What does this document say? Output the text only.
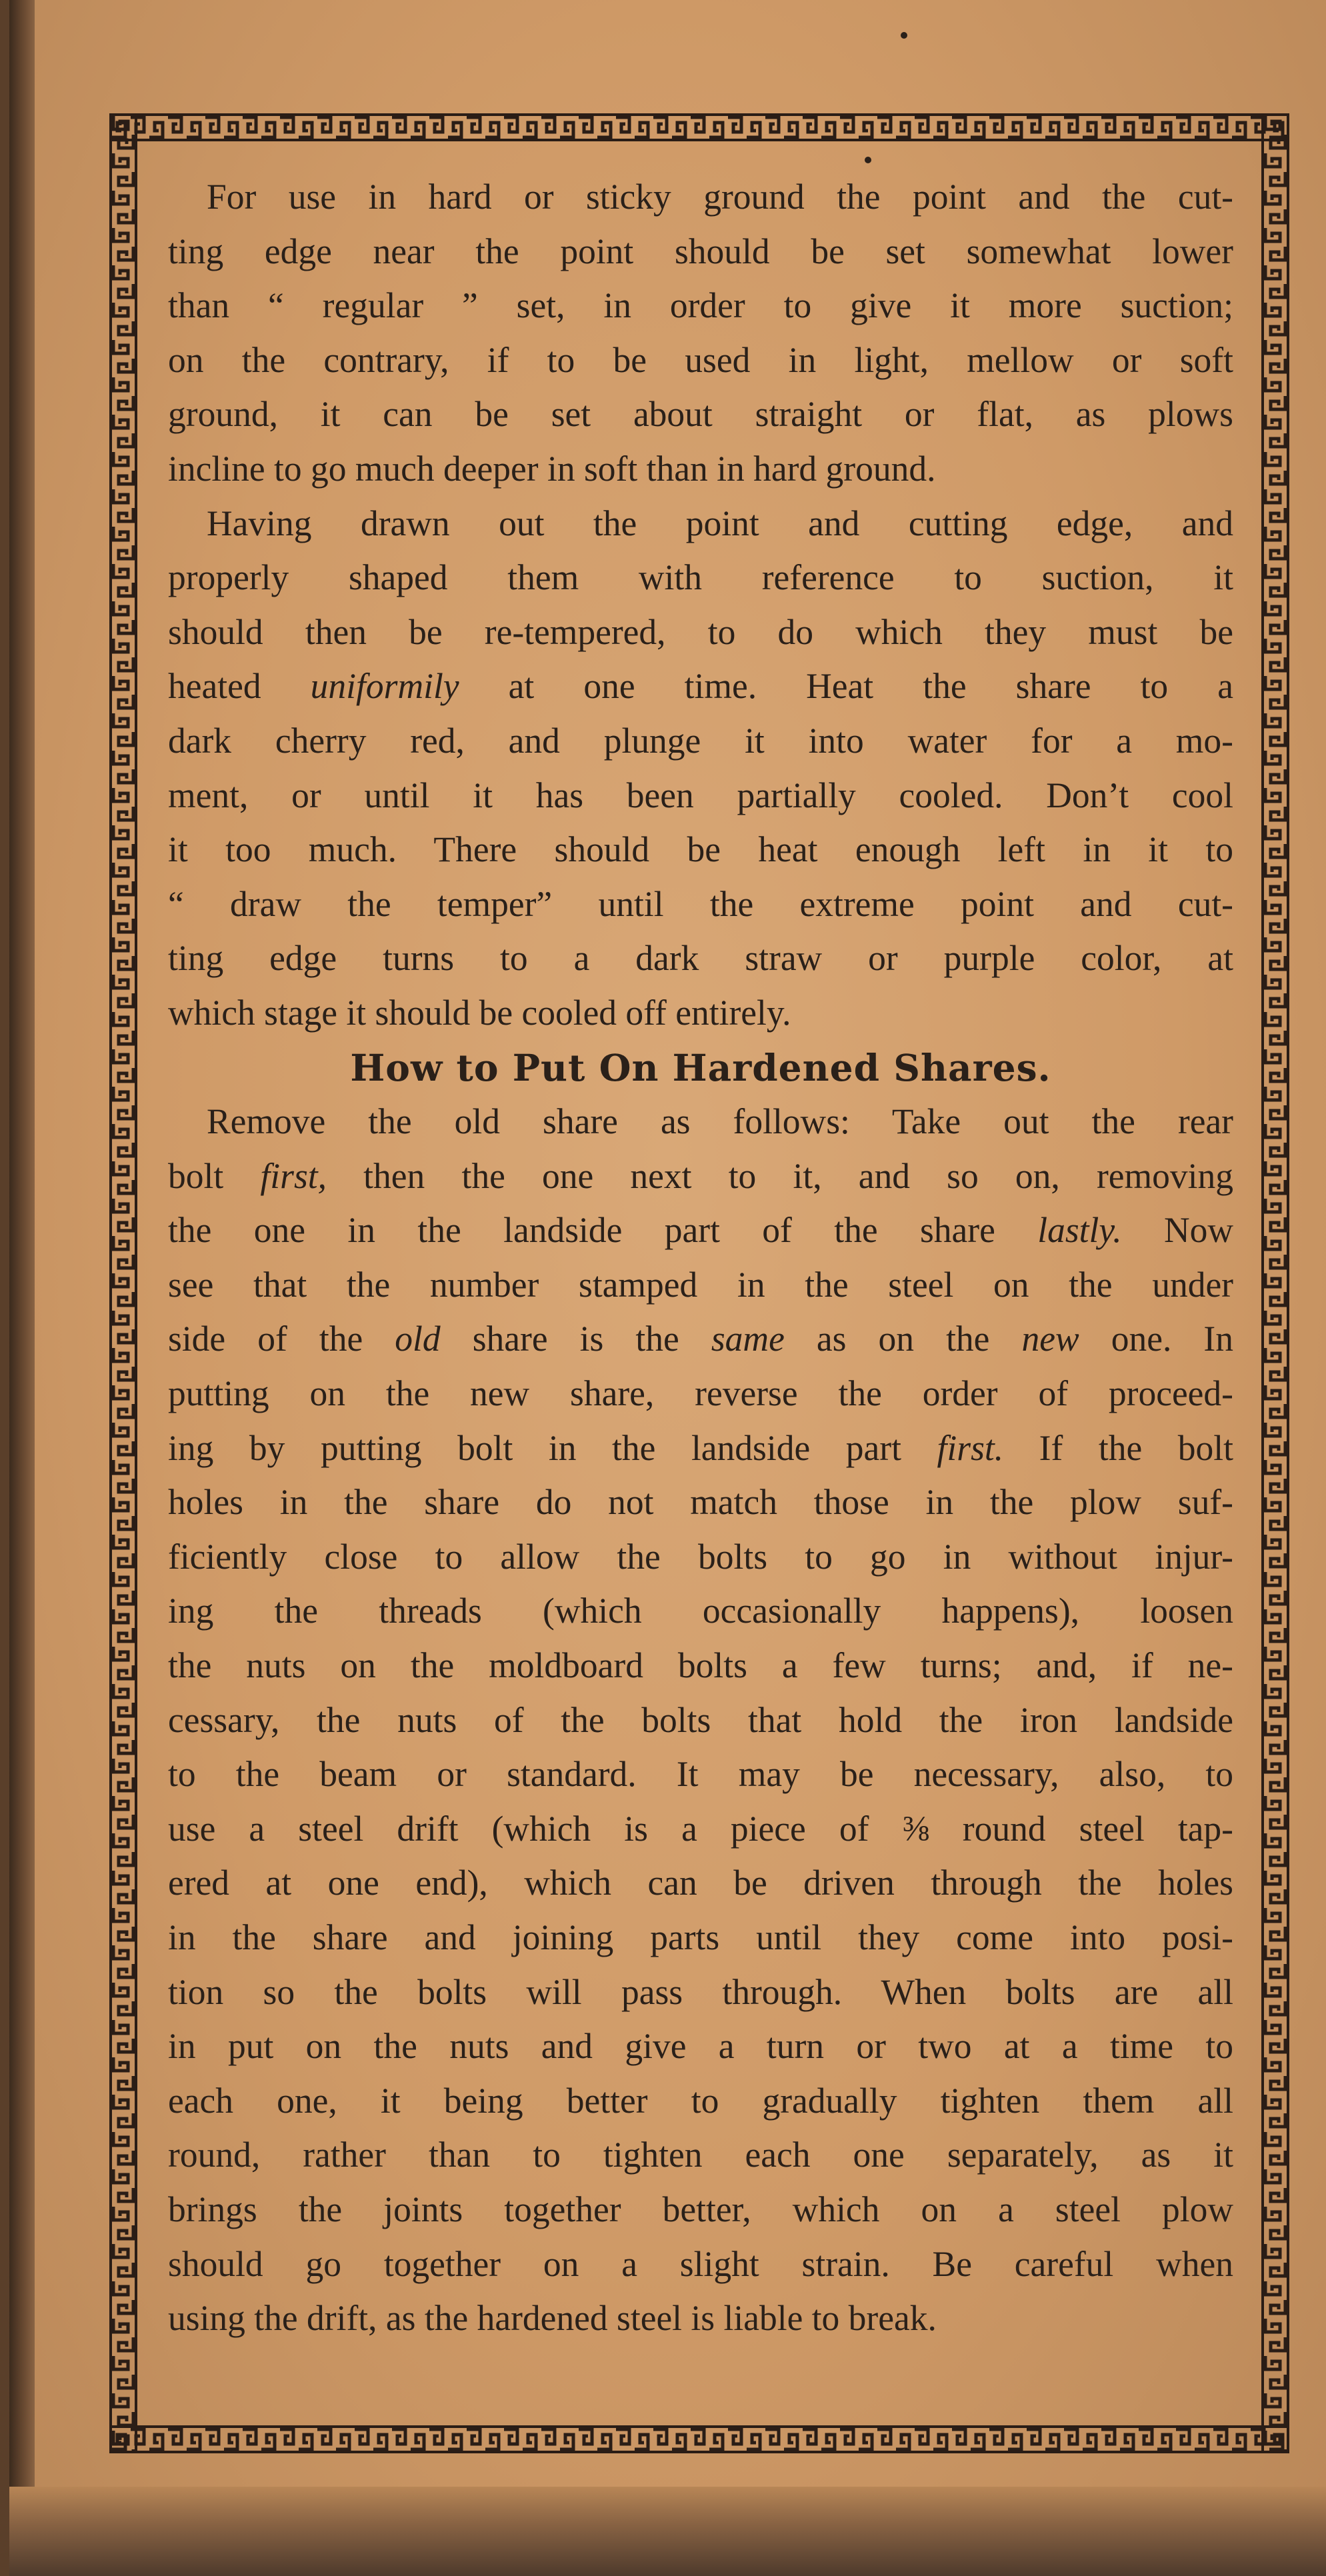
For use in hard or sticky ground the point and the cut-
ting edge near the point should be set somewhat lower
than “ regular ” set, in order to give it more suction;
on the contrary, if to be used in light, mellow or soft
ground, it can be set about straight or flat, as plows
incline to go much deeper in soft than in hard ground.
Having drawn out the point and cutting edge, and
properly shaped them with reference to suction, it
should then be re-tempered, to do which they must be
heated uniformily at one time. Heat the share to a
dark cherry red, and plunge it into water for a mo-
ment, or until it has been partially cooled. Don’t cool
it too much. There should be heat enough left in it to
“ draw the temper” until the extreme point and cut-
ting edge turns to a dark straw or purple color, at
which stage it should be cooled off entirely.
How to Put On Hardened Shares.
Remove the old share as follows: Take out the rear
bolt first, then the one next to it, and so on, removing
the one in the landside part of the share lastly. Now
see that the number stamped in the steel on the under
side of the old share is the same as on the new one. In
putting on the new share, reverse the order of proceed-
ing by putting bolt in the landside part first. If the bolt
holes in the share do not match those in the plow suf-
ficiently close to allow the bolts to go in without injur-
ing the threads (which occasionally happens), loosen
the nuts on the moldboard bolts a few turns; and, if ne-
cessary, the nuts of the bolts that hold the iron landside
to the beam or standard. It may be necessary, also, to
use a steel drift (which is a piece of ⅜ round steel tap-
ered at one end), which can be driven through the holes
in the share and joining parts until they come into posi-
tion so the bolts will pass through. When bolts are all
in put on the nuts and give a turn or two at a time to
each one, it being better to gradually tighten them all
round, rather than to tighten each one separately, as it
brings the joints together better, which on a steel plow
should go together on a slight strain. Be careful when
using the drift, as the hardened steel is liable to break.
